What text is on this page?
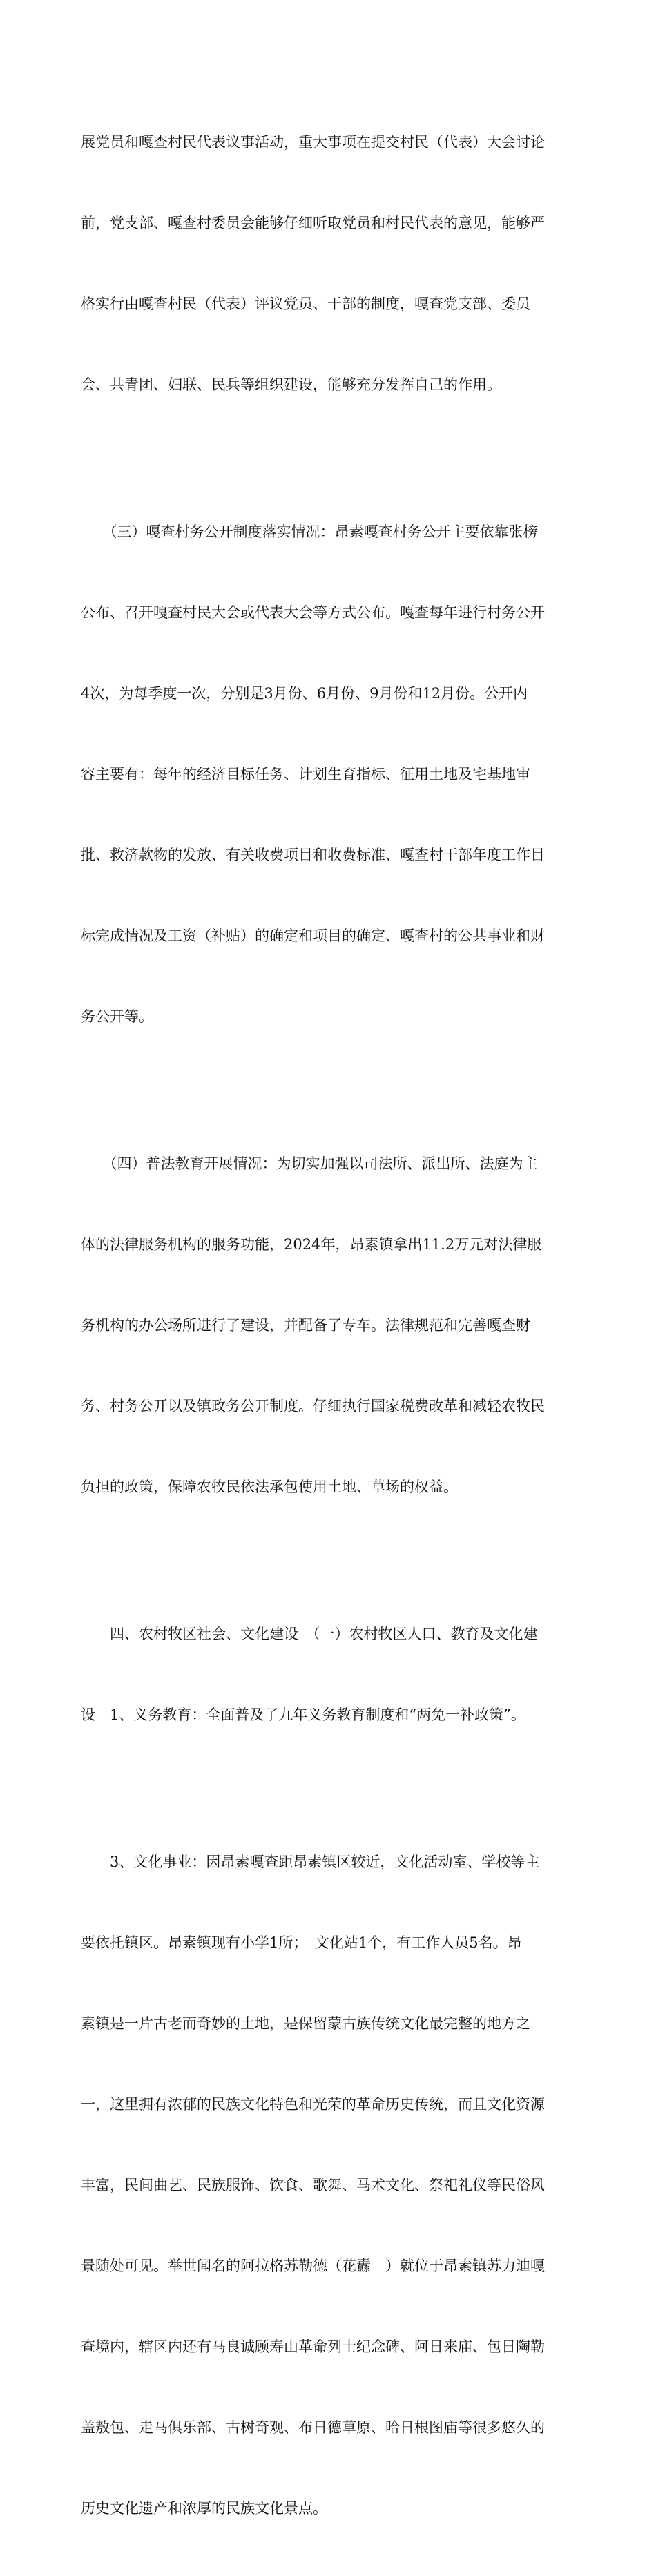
展党员和嘎查村民代表议事活动，重大事项在提交村民（代表）大会讨论

前，党支部、嘎查村委员会能够仔细听取党员和村民代表的意见，能够严

格实行由嘎查村民（代表）评议党员、干部的制度，嘎查党支部、委员

会、共青团、妇联、民兵等组织建设，能够充分发挥自己的作用。

　　（三）嘎查村务公开制度落实情况：昂素嘎查村务公开主要依靠张榜

公布、召开嘎查村民大会或代表大会等方式公布。嘎查每年进行村务公开

4次，为每季度一次，分别是3月份、6月份、9月份和12月份。公开内

容主要有：每年的经济目标任务、计划生育指标、征用土地及宅基地审

批、救济款物的发放、有关收费项目和收费标准、嘎查村干部年度工作目

标完成情况及工资（补贴）的确定和项目的确定、嘎查村的公共事业和财

务公开等。

　　（四）普法教育开展情况：为切实加强以司法所、派出所、法庭为主

体的法律服务机构的服务功能，2024年，昂素镇拿出11.2万元对法律服

务机构的办公场所进行了建设，并配备了专车。法律规范和完善嘎查财

务、村务公开以及镇政务公开制度。仔细执行国家税费改革和减轻农牧民

负担的政策，保障农牧民依法承包使用土地、草场的权益。

　　四、农村牧区社会、文化建设　（一）农村牧区人口、教育及文化建

设　1、义务教育：全面普及了九年义务教育制度和“两免一补政策”。

　　3、文化事业：因昂素嘎查距昂素镇区较近，文化活动室、学校等主

要依托镇区。昂素镇现有小学1所；　文化站1个，有工作人员5名。昂

素镇是一片古老而奇妙的土地，是保留蒙古族传统文化最完整的地方之

一，这里拥有浓郁的民族文化特色和光荣的革命历史传统，而且文化资源

丰富，民间曲艺、民族服饰、饮食、歌舞、马术文化、祭祀礼仪等民俗风

景随处可见。举世闻名的阿拉格苏勒德（花纛　）就位于昂素镇苏力迪嘎

查境内，辖区内还有马良诚顾寿山革命列士纪念碑、阿日来庙、包日陶勒

盖敖包、走马俱乐部、古树奇观、布日德草原、哈日根图庙等很多悠久的

历史文化遗产和浓厚的民族文化景点。
